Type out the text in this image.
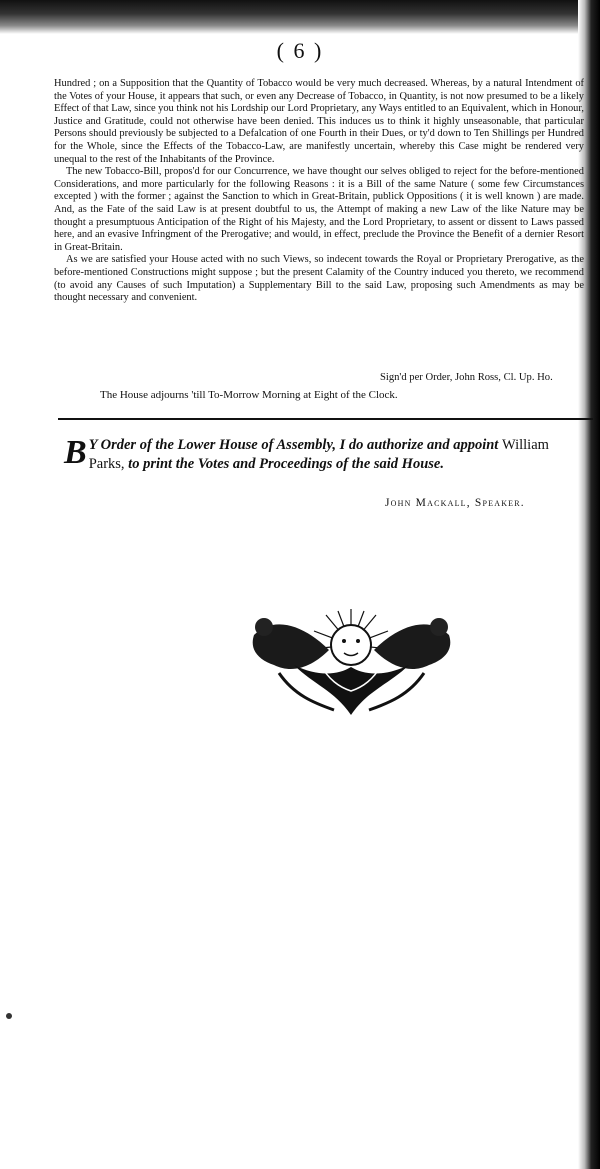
( 6 )

Hundred ; on a Supposition that the Quantity of Tobacco would be very much decreased. Whereas, by a natural Intendment of the Votes of your House, it appears that such, or even any Decrease of Tobacco, in Quantity, is not now presumed to be a likely Effect of that Law, since you think not his Lordship our Lord Proprietary, any Ways entitled to an Equivalent, which in Honour, Justice and Gratitude, could not otherwise have been denied. This induces us to think it highly unseasonable, that particular Persons should previously be subjected to a Defalcation of one Fourth in their Dues, or ty'd down to Ten Shillings per Hundred for the Whole, since the Effects of the Tobacco-Law, are manifestly uncertain, whereby this Case might be rendered very unequal to the rest of the Inhabitants of the Province.

The new Tobacco-Bill, propos'd for our Concurrence, we have thought our selves obliged to reject for the before-mentioned Considerations, and more particularly for the following Reasons : it is a Bill of the same Nature ( some few Circumstances excepted ) with the former ; against the Sanction to which in Great-Britain, publick Oppositions ( it is well known ) are made. And, as the Fate of the said Law is at present doubtful to us, the Attempt of making a new Law of the like Nature may be thought a presumptuous Anticipation of the Right of his Majesty, and the Lord Proprietary, to assent or dissent to Laws passed here, and an evasive Infringment of the Prerogative; and would, in effect, preclude the Province the Benefit of a dernier Resort in Great-Britain.

As we are satisfied your House acted with no such Views, so indecent towards the Royal or Proprietary Prerogative, as the before-mentioned Constructions might suppose ; but the present Calamity of the Country induced you thereto, we recommend (to avoid any Causes of such Imputation) a Supplementary Bill to the said Law, proposing such Amendments as may be thought necessary and convenient.

Sign'd per Order, John Ross, Cl. Up. Ho.
The House adjourns 'till To-Morrow Morning at Eight of the Clock.
B Y Order of the Lower House of Assembly, I do authorize and appoint William Parks, to print the Votes and Proceedings of the said House.
John Mackall, Speaker.
